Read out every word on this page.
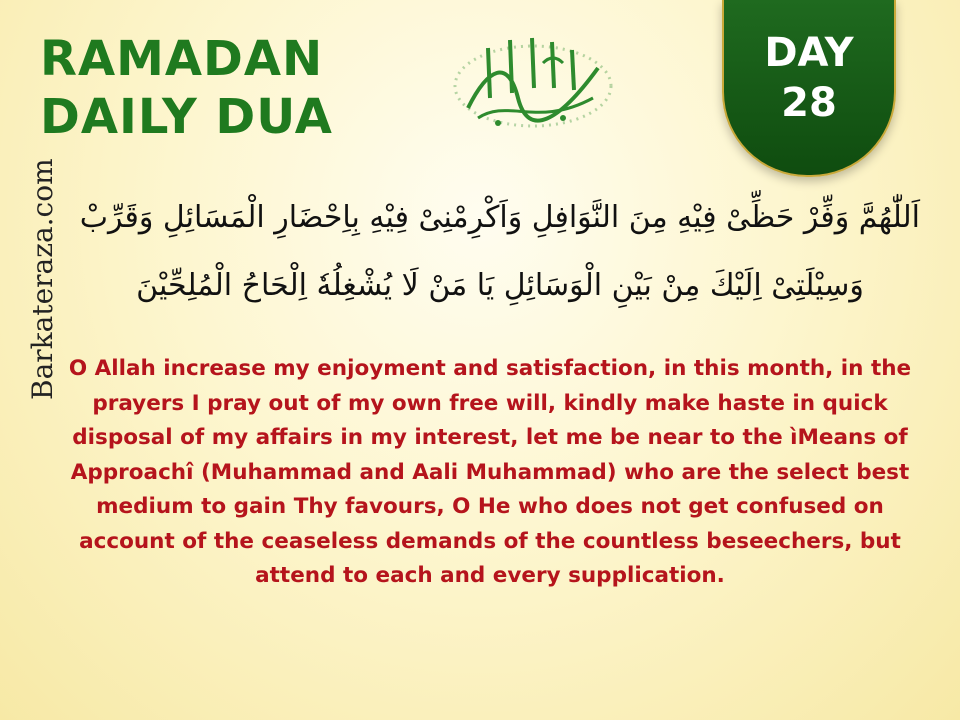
RAMADAN
DAILY DUA
DAY
28
Barkateraza.com اَللّٰهُمَّ وَفِّرْ حَظِّىْ فِيْهِ مِنَ النَّوَافِلِ وَاَكْرِمْنِىْ فِيْهِ بِاِحْضَارِ الْمَسَائِلِ وَقَرِّبْ
وَسِيْلَتِىْ اِلَيْكَ مِنْ بَيْنِ الْوَسَائِلِ يَا مَنْ لَا يُشْغِلُهٗ اِلْحَاحُ الْمُلِحِّيْنَ
O Allah increase my enjoyment and satisfaction, in this month, in the prayers I pray out of my own free will, kindly make haste in quick disposal of my affairs in my interest, let me be near to the ìMeans of Approachî (Muhammad and Aali Muhammad) who are the select best medium to gain Thy favours, O He who does not get confused on account of the ceaseless demands of the countless beseechers, but attend to each and every supplication.
